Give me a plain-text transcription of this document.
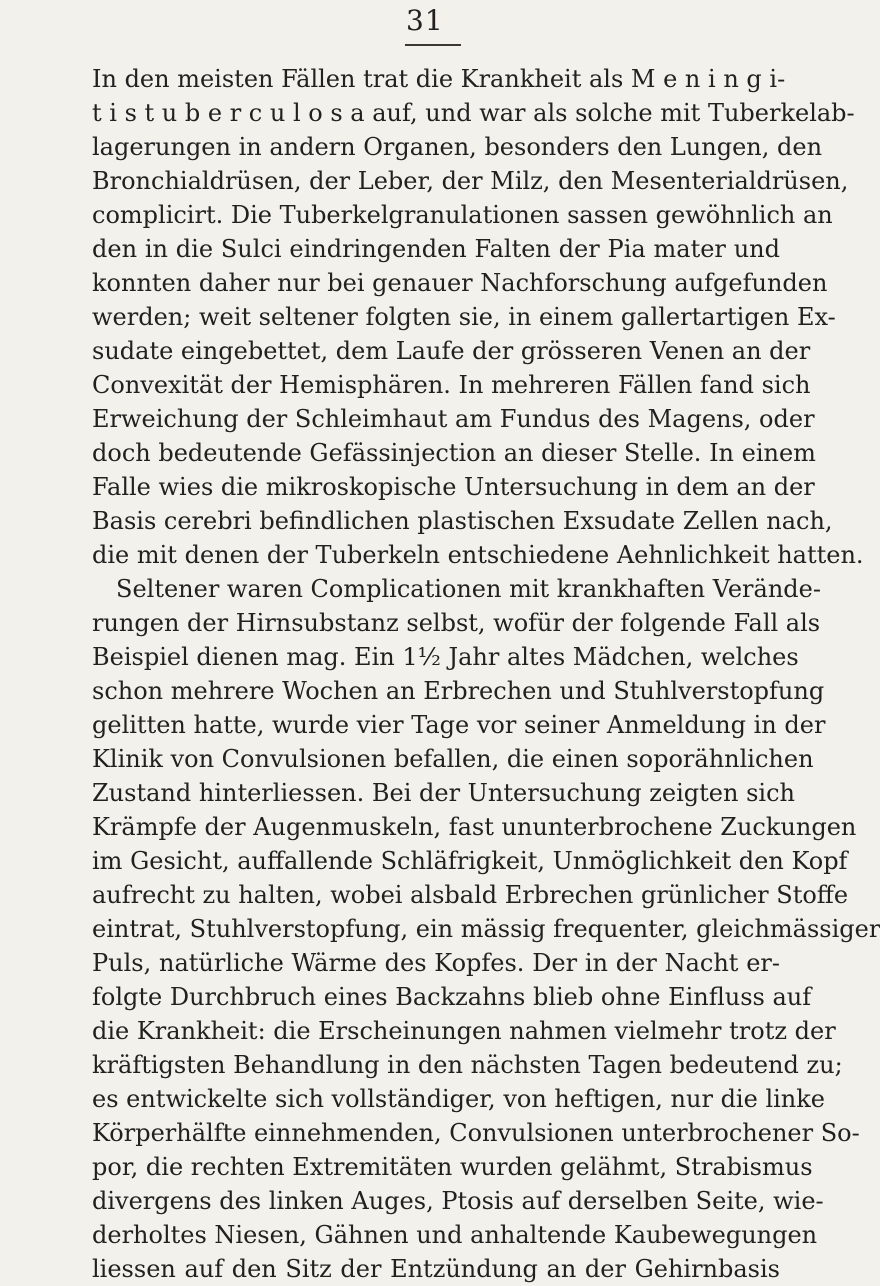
31
In den meisten Fällen trat die Krankheit als M e n i n g i-
t i s t u b e r c u l o s a auf, und war als solche mit Tuberkelab-
lagerungen in andern Organen, besonders den Lungen, den
Bronchialdrüsen, der Leber, der Milz, den Mesenterialdrüsen,
complicirt. Die Tuberkelgranulationen sassen gewöhnlich an
den in die Sulci eindringenden Falten der Pia mater und
konnten daher nur bei genauer Nachforschung aufgefunden
werden; weit seltener folgten sie, in einem gallertartigen Ex-
sudate eingebettet, dem Laufe der grösseren Venen an der
Convexität der Hemisphären. In mehreren Fällen fand sich
Erweichung der Schleimhaut am Fundus des Magens, oder
doch bedeutende Gefässinjection an dieser Stelle. In einem
Falle wies die mikroskopische Untersuchung in dem an der
Basis cerebri befindlichen plastischen Exsudate Zellen nach,
die mit denen der Tuberkeln entschiedene Aehnlichkeit hatten.
Seltener waren Complicationen mit krankhaften Verände-
rungen der Hirnsubstanz selbst, wofür der folgende Fall als
Beispiel dienen mag. Ein 1½ Jahr altes Mädchen, welches
schon mehrere Wochen an Erbrechen und Stuhlverstopfung
gelitten hatte, wurde vier Tage vor seiner Anmeldung in der
Klinik von Convulsionen befallen, die einen soporähnlichen
Zustand hinterliessen. Bei der Untersuchung zeigten sich
Krämpfe der Augenmuskeln, fast ununterbrochene Zuckungen
im Gesicht, auffallende Schläfrigkeit, Unmöglichkeit den Kopf
aufrecht zu halten, wobei alsbald Erbrechen grünlicher Stoffe
eintrat, Stuhlverstopfung, ein mässig frequenter, gleichmässiger
Puls, natürliche Wärme des Kopfes. Der in der Nacht er-
folgte Durchbruch eines Backzahns blieb ohne Einfluss auf
die Krankheit: die Erscheinungen nahmen vielmehr trotz der
kräftigsten Behandlung in den nächsten Tagen bedeutend zu;
es entwickelte sich vollständiger, von heftigen, nur die linke
Körperhälfte einnehmenden, Convulsionen unterbrochener So-
por, die rechten Extremitäten wurden gelähmt, Strabismus
divergens des linken Auges, Ptosis auf derselben Seite, wie-
derholtes Niesen, Gähnen und anhaltende Kaubewegungen
liessen auf den Sitz der Entzündung an der Gehirnbasis
